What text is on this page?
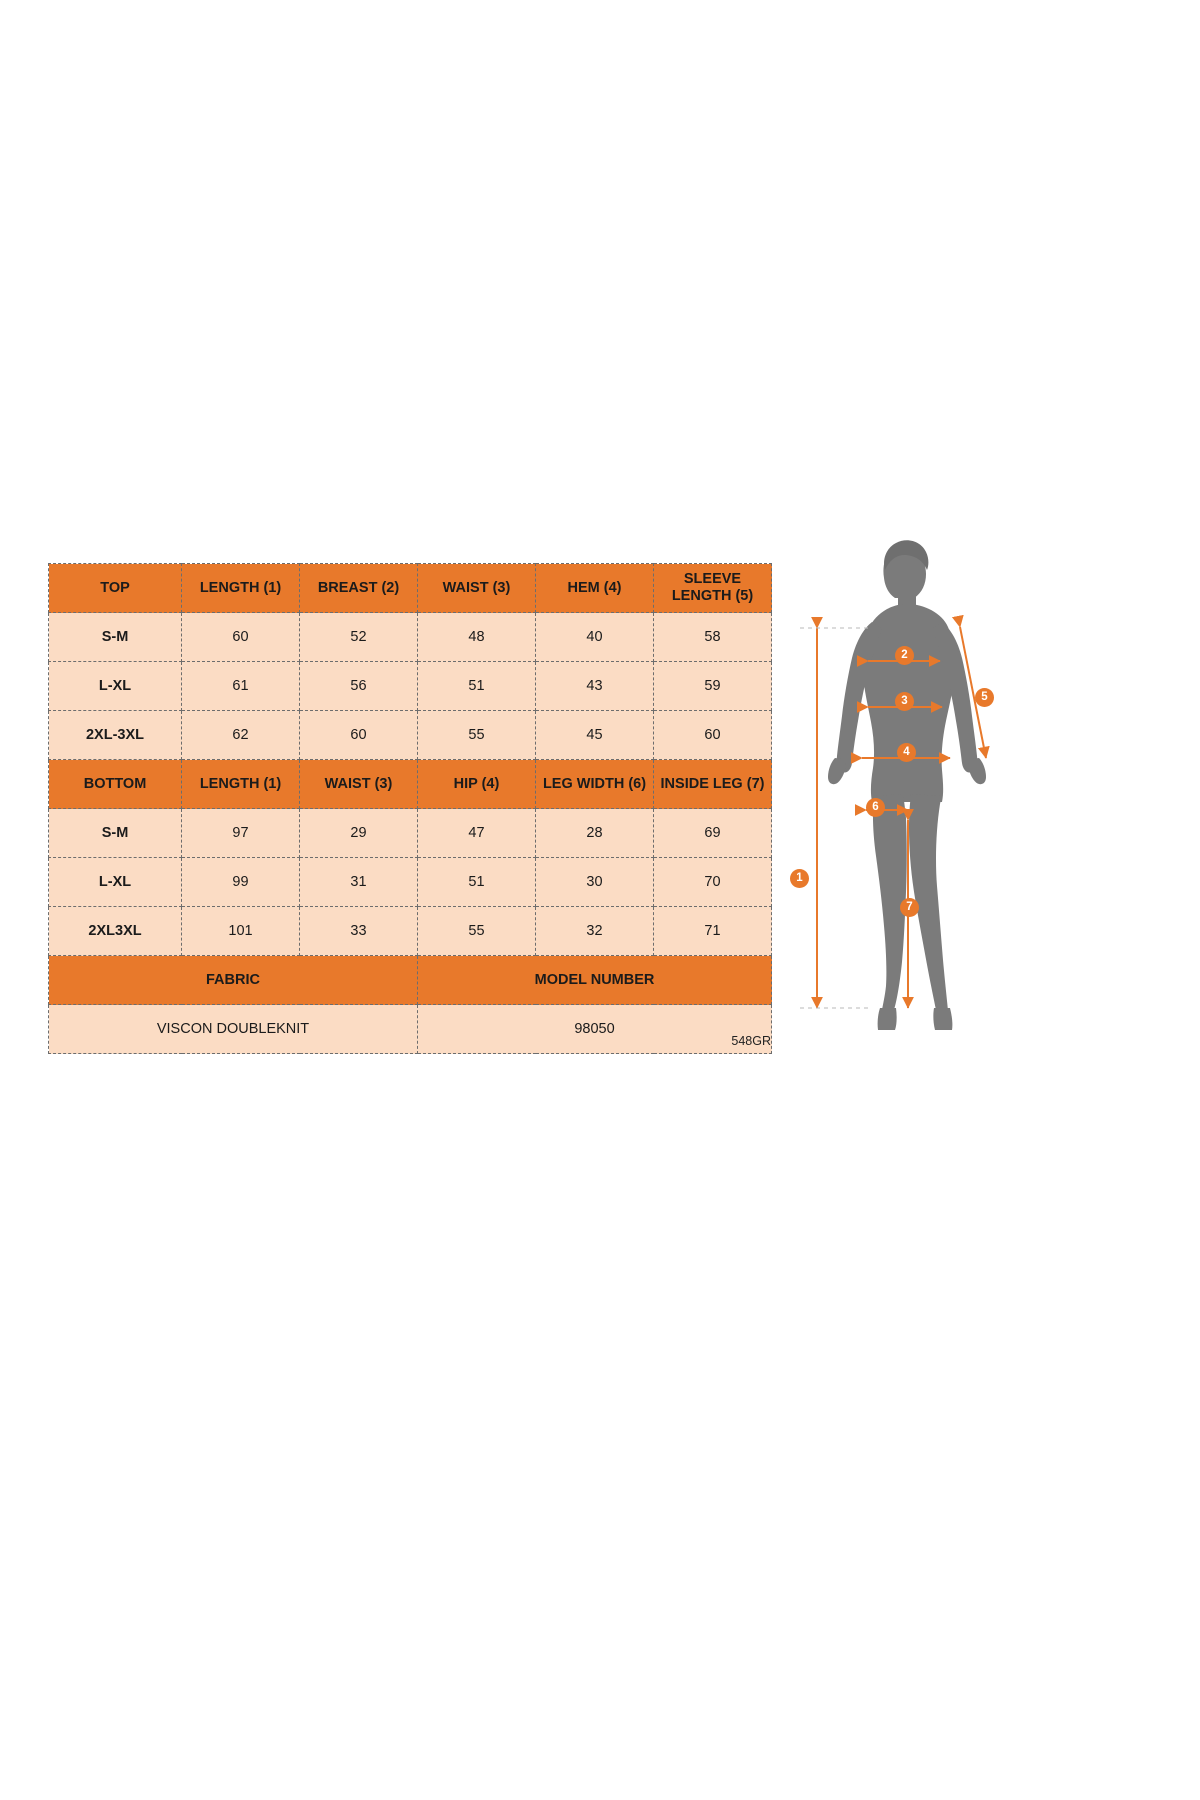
TOP	LENGTH (1)	BREAST (2)	WAIST (3)	HEM (4)	SLEEVE
LENGTH (5)
S-M	60	52	48	40	58
L-XL	61	56	51	43	59
2XL-3XL	62	60	55	45	60
BOTTOM	LENGTH (1)	WAIST (3)	HIP (4)	LEG WIDTH (6)	INSIDE LEG (7)
S-M	97	29	47	28	69
L-XL	99	31	51	30	70
2XL3XL	101	33	55	32	71
FABRIC			MODEL NUMBER		
VISCON DOUBLEKNIT			98050		
548GR
1
2
3
4
5
6
7
